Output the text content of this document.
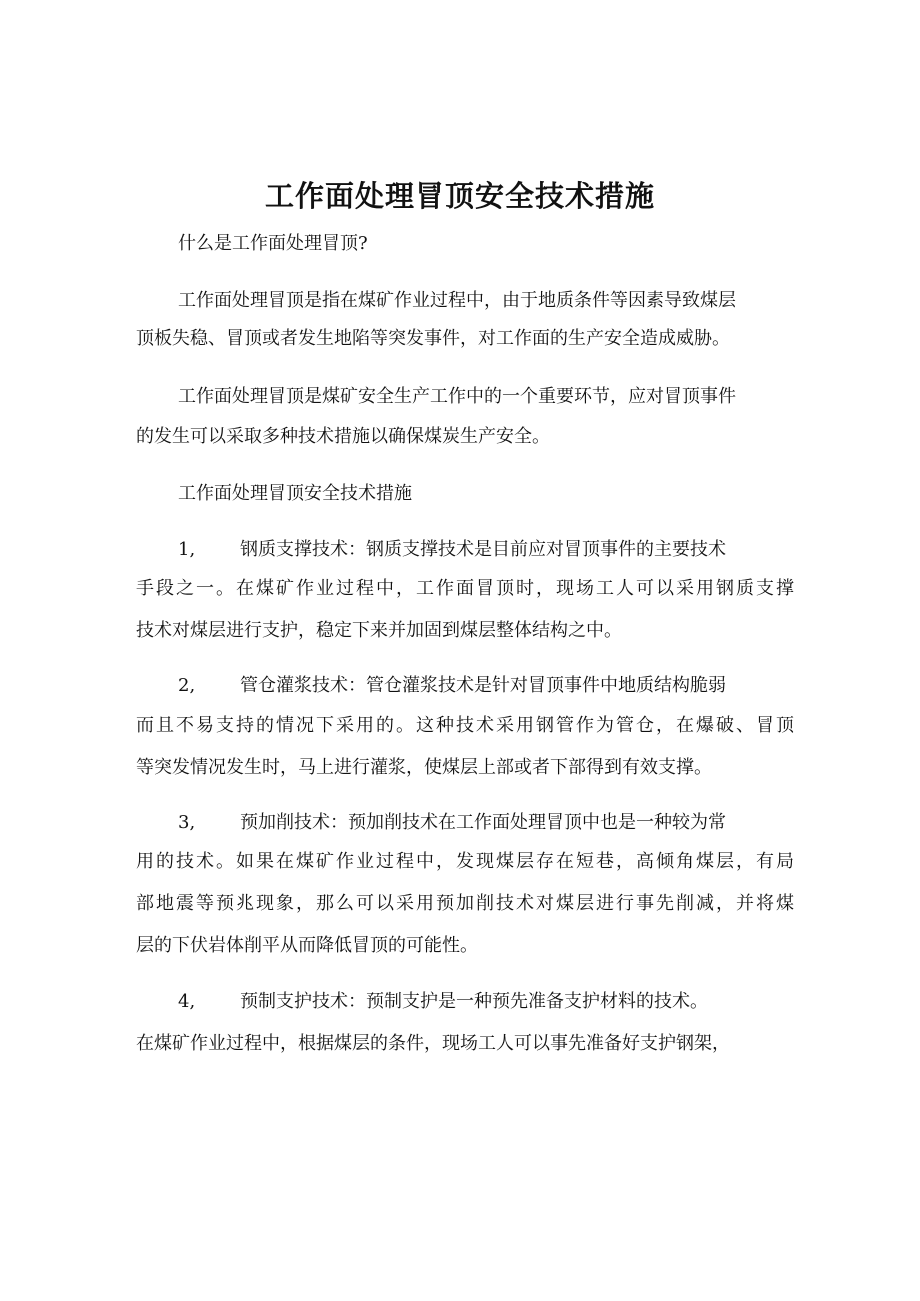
工作面处理冒顶安全技术措施

什么是工作面处理冒顶?

工作面处理冒顶是指在煤矿作业过程中，由于地质条件等因素导致煤层

顶板失稳、冒顶或者发生地陷等突发事件，对工作面的生产安全造成威胁。

工作面处理冒顶是煤矿安全生产工作中的一个重要环节，应对冒顶事件

的发生可以采取多种技术措施以确保煤炭生产安全。

工作面处理冒顶安全技术措施

1, 钢质支撑技术：钢质支撑技术是目前应对冒顶事件的主要技术

手段之一。在煤矿作业过程中，工作面冒顶时，现场工人可以采用钢质支撑

技术对煤层进行支护，稳定下来并加固到煤层整体结构之中。

2, 管仓灌浆技术：管仓灌浆技术是针对冒顶事件中地质结构脆弱

而且不易支持的情况下采用的。这种技术采用钢管作为管仓，在爆破、冒顶

等突发情况发生时，马上进行灌浆，使煤层上部或者下部得到有效支撑。

3, 预加削技术：预加削技术在工作面处理冒顶中也是一种较为常

用的技术。如果在煤矿作业过程中，发现煤层存在短巷，高倾角煤层，有局

部地震等预兆现象，那么可以采用预加削技术对煤层进行事先削减，并将煤

层的下伏岩体削平从而降低冒顶的可能性。

4, 预制支护技术：预制支护是一种预先准备支护材料的技术。

在煤矿作业过程中，根据煤层的条件，现场工人可以事先准备好支护钢架，
